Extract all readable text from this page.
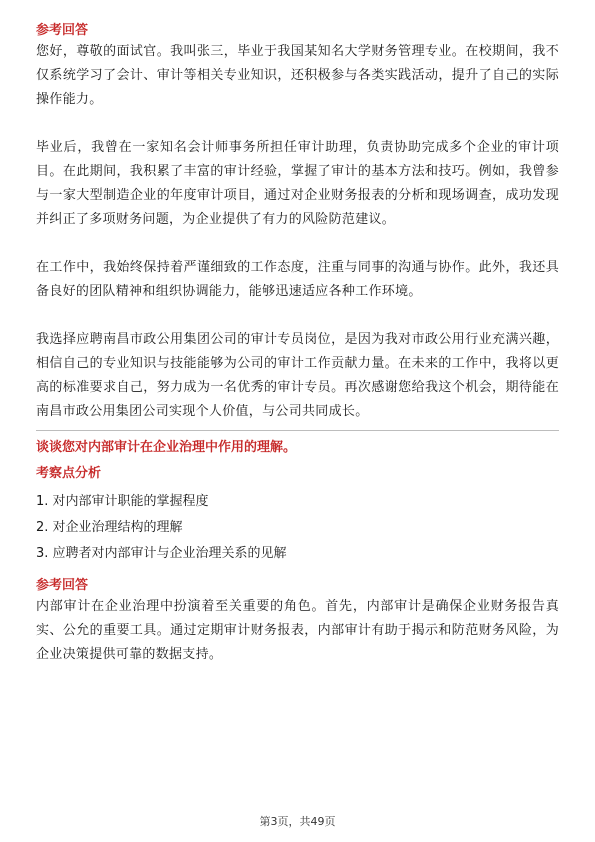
参考回答

您好，尊敬的面试官。我叫张三，毕业于我国某知名大学财务管理专业。在校期间，我不仅系统学习了会计、审计等相关专业知识，还积极参与各类实践活动，提升了自己的实际操作能力。

毕业后，我曾在一家知名会计师事务所担任审计助理，负责协助完成多个企业的审计项目。在此期间，我积累了丰富的审计经验，掌握了审计的基本方法和技巧。例如，我曾参与一家大型制造企业的年度审计项目，通过对企业财务报表的分析和现场调查，成功发现并纠正了多项财务问题，为企业提供了有力的风险防范建议。

在工作中，我始终保持着严谨细致的工作态度，注重与同事的沟通与协作。此外，我还具备良好的团队精神和组织协调能力，能够迅速适应各种工作环境。

我选择应聘南昌市政公用集团公司的审计专员岗位，是因为我对市政公用行业充满兴趣，相信自己的专业知识与技能能够为公司的审计工作贡献力量。在未来的工作中，我将以更高的标准要求自己，努力成为一名优秀的审计专员。再次感谢您给我这个机会，期待能在南昌市政公用集团公司实现个人价值，与公司共同成长。

谈谈您对内部审计在企业治理中作用的理解。

考察点分析

1. 对内部审计职能的掌握程度
2. 对企业治理结构的理解
3. 应聘者对内部审计与企业治理关系的见解

参考回答

内部审计在企业治理中扮演着至关重要的角色。首先，内部审计是确保企业财务报告真实、公允的重要工具。通过定期审计财务报表，内部审计有助于揭示和防范财务风险，为企业决策提供可靠的数据支持。

第3页，共49页
